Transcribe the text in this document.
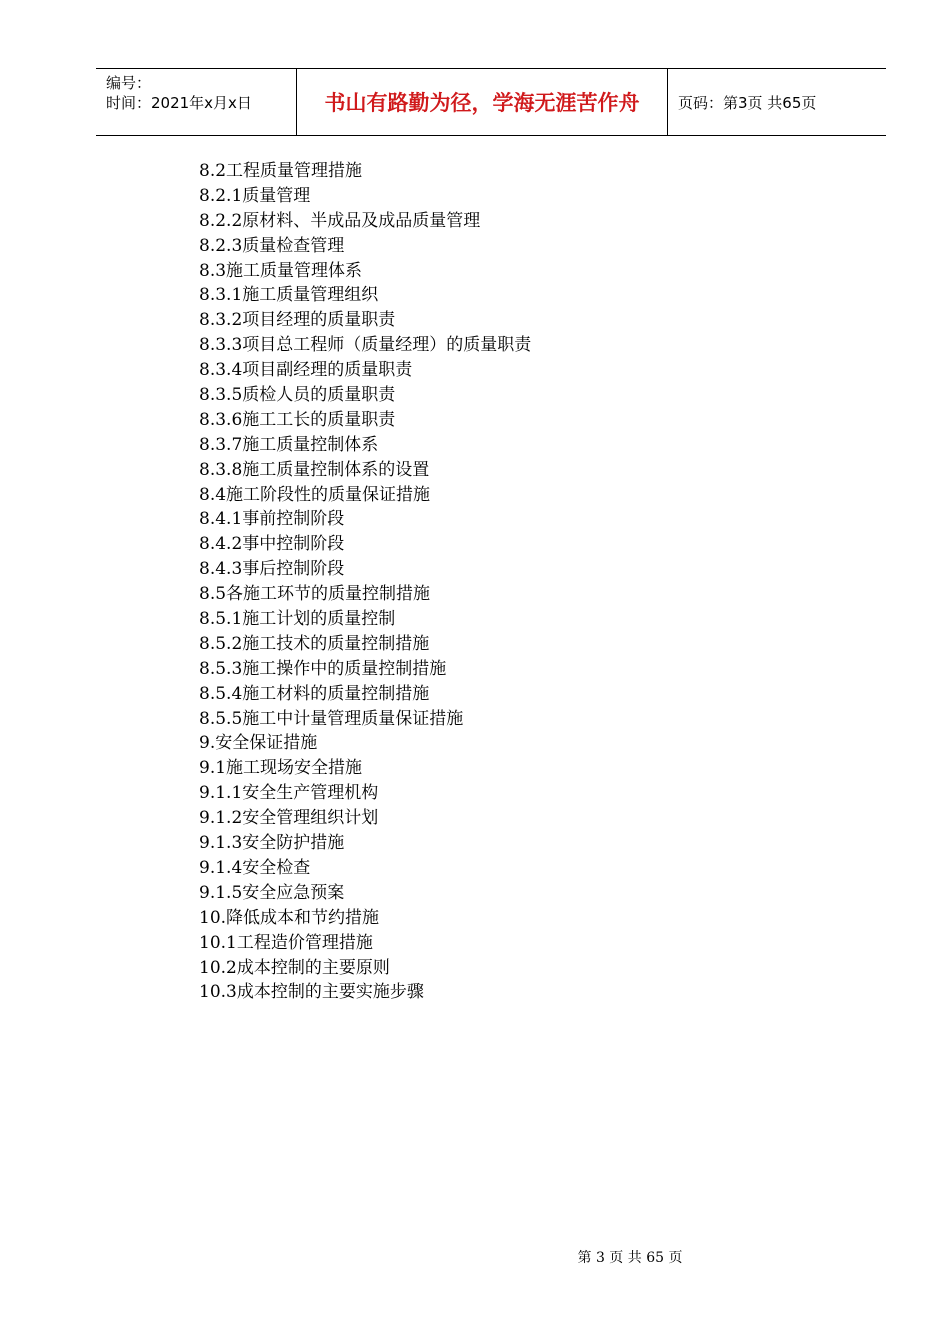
编号：
时间：2021年x月x日	书山有路勤为径，学海无涯苦作舟	页码：第3页 共65页
8.2工程质量管理措施
8.2.1质量管理
8.2.2原材料、半成品及成品质量管理
8.2.3质量检查管理
8.3施工质量管理体系
8.3.1施工质量管理组织
8.3.2项目经理的质量职责
8.3.3项目总工程师（质量经理）的质量职责
8.3.4项目副经理的质量职责
8.3.5质检人员的质量职责
8.3.6施工工长的质量职责
8.3.7施工质量控制体系
8.3.8施工质量控制体系的设置
8.4施工阶段性的质量保证措施
8.4.1事前控制阶段
8.4.2事中控制阶段
8.4.3事后控制阶段
8.5各施工环节的质量控制措施
8.5.1施工计划的质量控制
8.5.2施工技术的质量控制措施
8.5.3施工操作中的质量控制措施
8.5.4施工材料的质量控制措施
8.5.5施工中计量管理质量保证措施
9.安全保证措施
9.1施工现场安全措施
9.1.1安全生产管理机构
9.1.2安全管理组织计划
9.1.3安全防护措施
9.1.4安全检查
9.1.5安全应急预案
10.降低成本和节约措施
10.1工程造价管理措施
10.2成本控制的主要原则
10.3成本控制的主要实施步骤
第 3 页 共 65 页
